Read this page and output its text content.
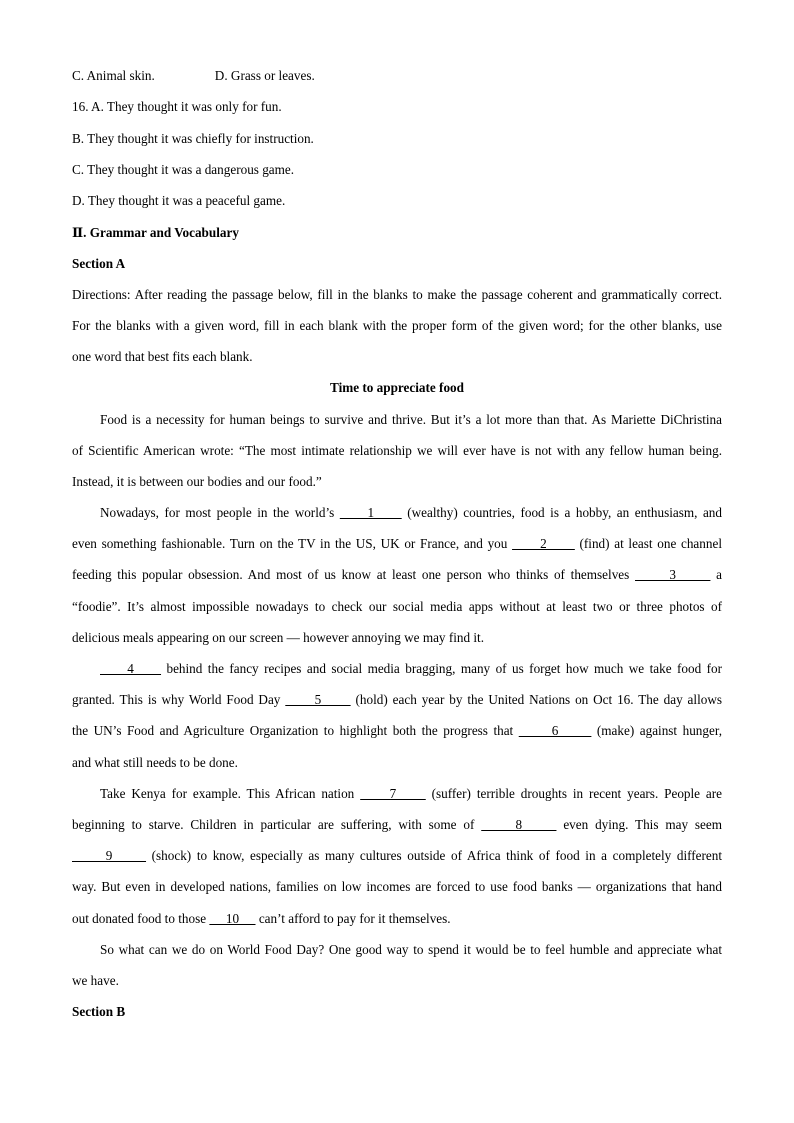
C. Animal skin.	D. Grass or leaves.
16. A. They thought it was only for fun.
B. They thought it was chiefly for instruction.
C. They thought it was a dangerous game.
D. They thought it was a peaceful game.
Ⅱ. Grammar and Vocabulary
Section A
Directions: After reading the passage below, fill in the blanks to make the passage coherent and grammatically correct.
For the blanks with a given word, fill in each blank with the proper form of the given word; for the other blanks, use
one word that best fits each blank.
Time to appreciate food
Food is a necessity for human beings to survive and thrive. But it’s a lot more than that. As Mariette DiChristina
of Scientific American wrote: “The most intimate relationship we will ever have is not with any fellow human being.
Instead, it is between our bodies and our food.”
Nowadays, for most people in the world’s      1      (wealthy) countries, food is a hobby, an enthusiasm, and
even something fashionable. Turn on the TV in the US, UK or France, and you       2       (find) at least one channel
feeding this popular obsession. And most of us know at least one person who thinks of themselves       3       a
“foodie”. It’s almost impossible nowadays to check our social media apps without at least two or three photos of
delicious meals appearing on our screen — however annoying we may find it.
4      behind the fancy recipes and social media bragging, many of us forget how much we take food for
granted. This is why World Food Day       5       (hold) each year by the United Nations on Oct 16. The day allows
the UN’s Food and Agriculture Organization to highlight both the progress that       6       (make) against hunger,
and what still needs to be done.
Take Kenya for example. This African nation      7      (suffer) terrible droughts in recent years. People are
beginning to starve. Children in particular are suffering, with some of      8      even dying. This may seem
9       (shock) to know, especially as many cultures outside of Africa think of food in a completely different
way. But even in developed nations, families on low incomes are forced to use food banks — organizations that hand
out donated food to those      10      can’t afford to pay for it themselves.
So what can we do on World Food Day? One good way to spend it would be to feel humble and appreciate what
we have.
Section B
